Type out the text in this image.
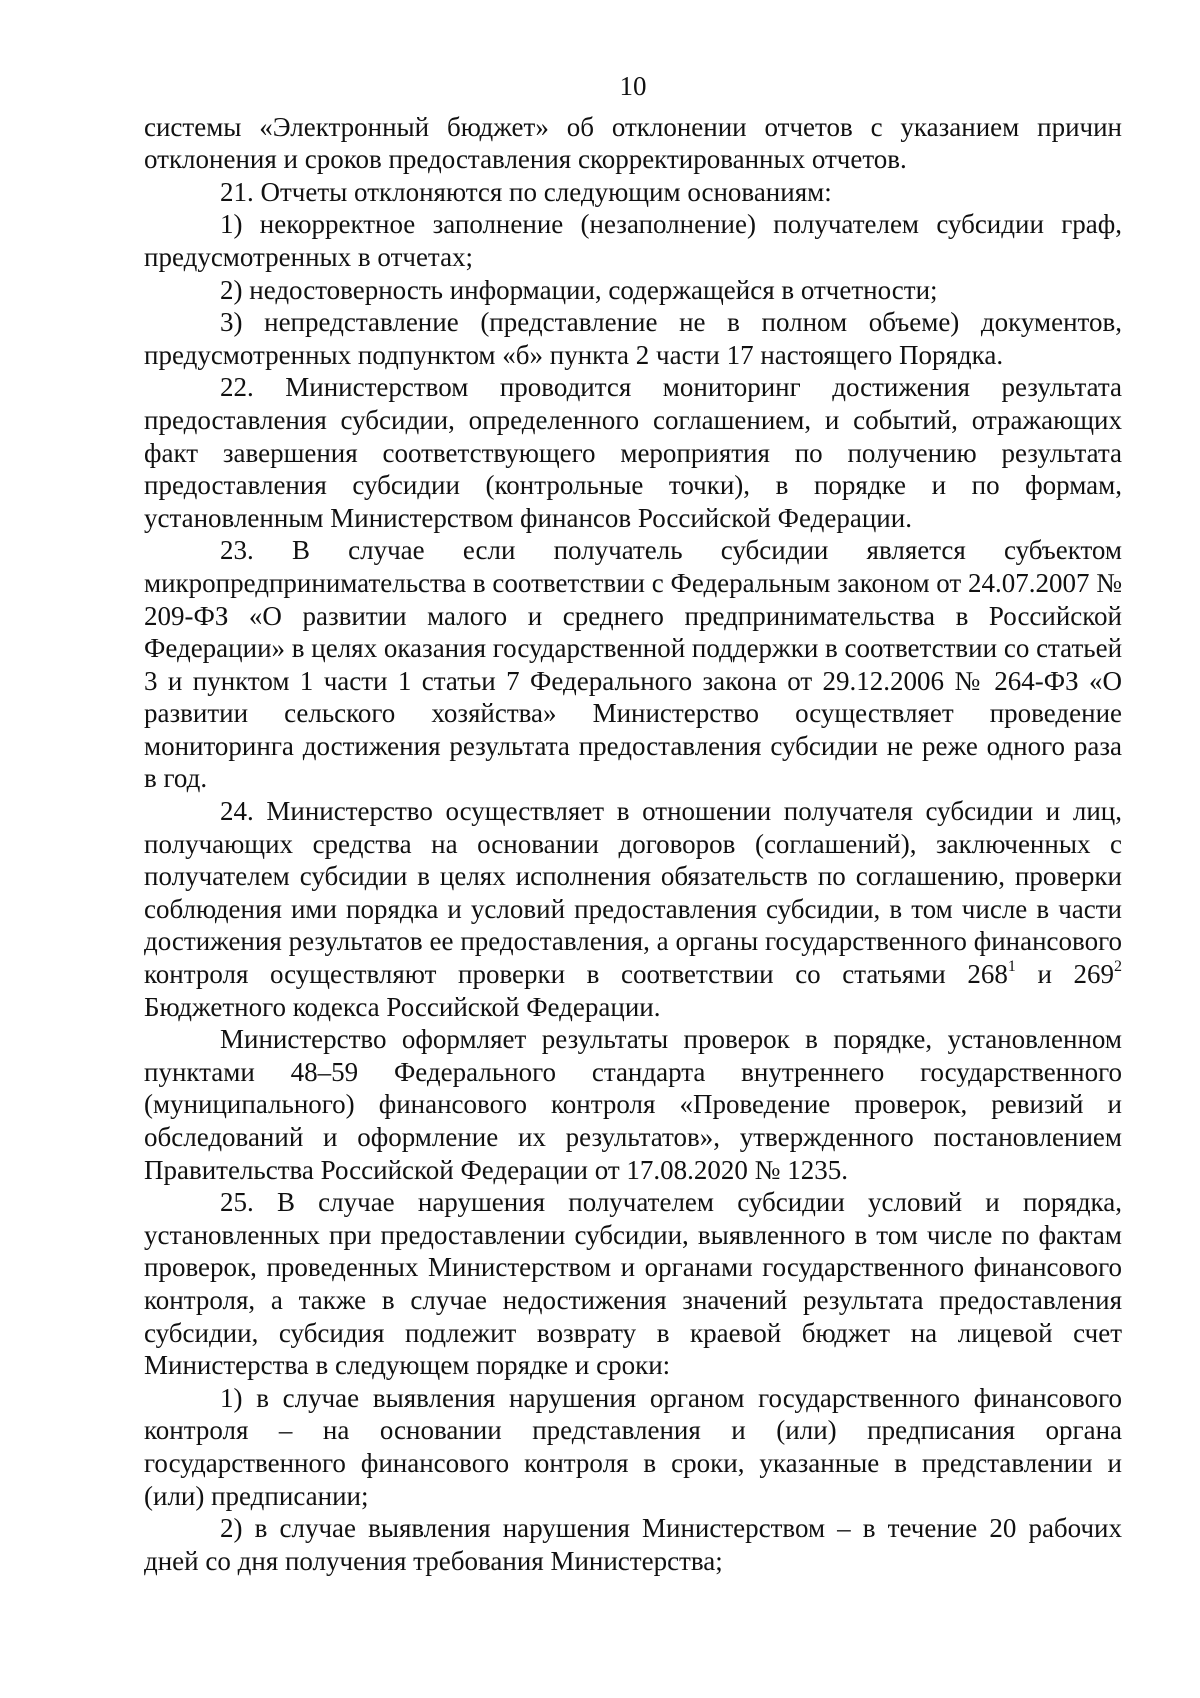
10

системы «Электронный бюджет» об отклонении отчетов с указанием причин отклонения и сроков предоставления скорректированных отчетов.

21. Отчеты отклоняются по следующим основаниям:

1) некорректное заполнение (незаполнение) получателем субсидии граф, предусмотренных в отчетах;

2) недостоверность информации, содержащейся в отчетности;

3) непредставление (представление не в полном объеме) документов, предусмотренных подпунктом «б» пункта 2 части 17 настоящего Порядка.

22. Министерством проводится мониторинг достижения результата предоставления субсидии, определенного соглашением, и событий, отражающих факт завершения соответствующего мероприятия по получению результата предоставления субсидии (контрольные точки), в порядке и по формам, установленным Министерством финансов Российской Федерации.

23. В случае если получатель субсидии является субъектом микропредпринимательства в соответствии с Федеральным законом от 24.07.2007 № 209-ФЗ «О развитии малого и среднего предпринимательства в Российской Федерации» в целях оказания государственной поддержки в соответствии со статьей 3 и пунктом 1 части 1 статьи 7 Федерального закона от 29.12.2006 № 264-ФЗ «О развитии сельского хозяйства» Министерство осуществляет проведение мониторинга достижения результата предоставления субсидии не реже одного раза в год.

24. Министерство осуществляет в отношении получателя субсидии и лиц, получающих средства на основании договоров (соглашений), заключенных с получателем субсидии в целях исполнения обязательств по соглашению, проверки соблюдения ими порядка и условий предоставления субсидии, в том числе в части достижения результатов ее предоставления, а органы государственного финансового контроля осуществляют проверки в соответствии со статьями $268^1$ и $269^2$ Бюджетного кодекса Российской Федерации.

Министерство оформляет результаты проверок в порядке, установленном пунктами 48–59 Федерального стандарта внутреннего государственного (муниципального) финансового контроля «Проведение проверок, ревизий и обследований и оформление их результатов», утвержденного постановлением Правительства Российской Федерации от 17.08.2020 № 1235.

25. В случае нарушения получателем субсидии условий и порядка, установленных при предоставлении субсидии, выявленного в том числе по фактам проверок, проведенных Министерством и органами государственного финансового контроля, а также в случае недостижения значений результата предоставления субсидии, субсидия подлежит возврату в краевой бюджет на лицевой счет Министерства в следующем порядке и сроки:

1) в случае выявления нарушения органом государственного финансового контроля – на основании представления и (или) предписания органа государственного финансового контроля в сроки, указанные в представлении и (или) предписании;

2) в случае выявления нарушения Министерством – в течение 20 рабочих дней со дня получения требования Министерства;
